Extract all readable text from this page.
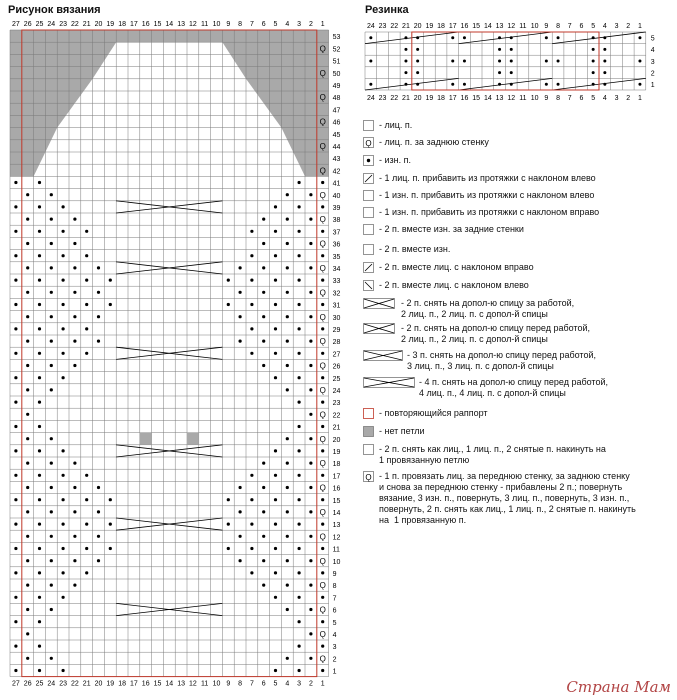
Рисунок вязания	Резинка
27
27
26
26
25
25
24
24
23
23
22
22
21
21
20
20
19
19
18
18
17
17
16
16
15
15
14
14
13
13
12
12
11
11
10
10
9
9
8
8
7
7
6
6
5
5
4
4
3
3
2
2
1
1
53
52
51
50
49
48
47
46
45
44
43
42
41
40
39
38
37
36
35
34
33
32
31
30
29
28
27
26
25
24
23
22
21
20
19
18
17
16
15
14
13
12
11
10
9
8
7
6
5
4
3
2
1
Ǫ
Ǫ
Ǫ
Ǫ
Ǫ
Ǫ
Ǫ
Ǫ
Ǫ
Ǫ
Ǫ
Ǫ
Ǫ
Ǫ
Ǫ
Ǫ
Ǫ
Ǫ
Ǫ
Ǫ
Ǫ
Ǫ
Ǫ
Ǫ
Ǫ
Ǫ
24
24
23
23
22
22
21
21
20
20
19
19
18
18
17
17
16
16
15
15
14
14
13
13
12
12
11
11
10
10
9
9
8
8
7
7
6
6
5
5
4
4
3
3
2
2
1
1
5
4
3
2
1
- лиц. п.
Ǫ - лиц. п. за заднюю стенку
- изн. п.
- 1 лиц. п. прибавить из протяжки с наклоном влево
- 1 изн. п. прибавить из протяжки с наклоном влево
- 1 изн. п. прибавить из протяжки с наклоном вправо
- 2 п. вместе изн. за задние стенки
- 2 п. вместе изн.
- 2 п. вместе лиц. с наклоном вправо
- 2 п. вместе лиц. с наклоном влево
- 2 п. снять на допол-ю спицу за работой,
2 лиц. п., 2 лиц. п. с допол-й спицы
- 2 п. снять на допол-ю спицу перед работой,
2 лиц. п., 2 лиц. п. с допол-й спицы
- 3 п. снять на допол-ю спицу перед работой,
3 лиц. п., 3 лиц. п. с допол-й спицы
- 4 п. снять на допол-ю спицу перед работой,
4 лиц. п., 4 лиц. п. с допол-й спицы
- повторяющийся раппорт
- нет петли
- 2 п. снять как лиц., 1 лиц. п., 2 снятые п. накинуть на
1 провязанную петлю
Ǫ - 1 п. провязать лиц. за переднюю стенку, за заднюю стенку
и снова за переднюю стенку - прибавлены 2 п.; повернуть
вязание, 3 изн. п., повернуть, 3 лиц. п., повернуть, 3 изн. п.,
повернуть, 2 п. снять как лиц., 1 лиц. п., 2 снятые п. накинуть
на  1 провязанную п.
Страна Мам
